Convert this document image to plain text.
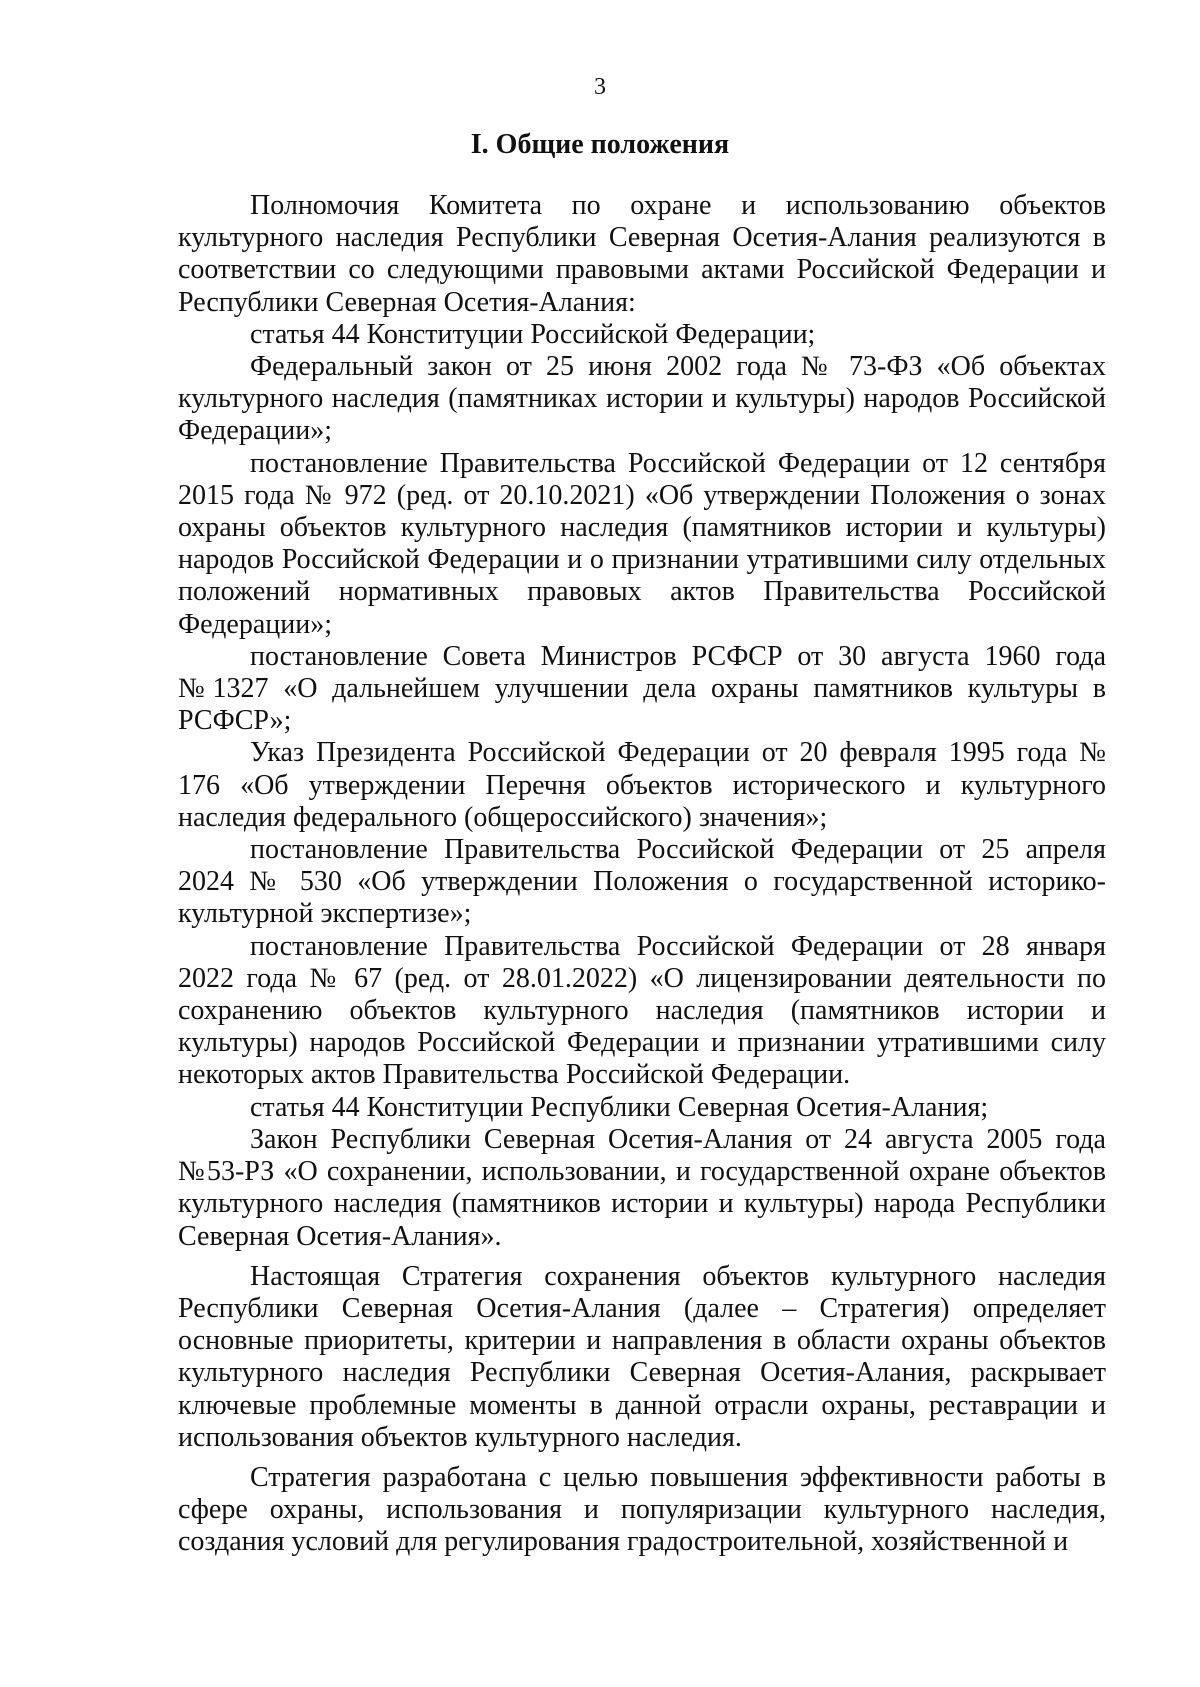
3
I. Общие положения

Полномочия Комитета по охране и использованию объектов культурного наследия Республики Северная Осетия-Алания реализуются в соответствии со следующими правовыми актами Российской Федерации и Республики Северная Осетия-Алания:

статья 44 Конституции Российской Федерации;

Федеральный закон от 25 июня 2002 года № 73-ФЗ «Об объектах культурного наследия (памятниках истории и культуры) народов Российской Федерации»;

постановление Правительства Российской Федерации от 12 сентября 2015 года № 972 (ред. от 20.10.2021) «Об утверждении Положения о зонах охраны объектов культурного наследия (памятников истории и культуры) народов Российской Федерации и о признании утратившими силу отдельных положений нормативных правовых актов Правительства Российской Федерации»;

постановление Совета Министров РСФСР от 30 августа 1960 года №1327 «О дальнейшем улучшении дела охраны памятников культуры в РСФСР»;

Указ Президента Российской Федерации от 20 февраля 1995 года № 176 «Об утверждении Перечня объектов исторического и культурного наследия федерального (общероссийского) значения»;

постановление Правительства Российской Федерации от 25 апреля 2024 № 530 «Об утверждении Положения о государственной историко-культурной экспертизе»;

постановление Правительства Российской Федерации от 28 января 2022 года № 67 (ред. от 28.01.2022) «О лицензировании деятельности по сохранению объектов культурного наследия (памятников истории и культуры) народов Российской Федерации и признании утратившими силу некоторых актов Правительства Российской Федерации.

статья 44 Конституции Республики Северная Осетия-Алания;

Закон Республики Северная Осетия-Алания от 24 августа 2005 года №53-РЗ «О сохранении, использовании, и государственной охране объектов культурного наследия (памятников истории и культуры) народа Республики Северная Осетия-Алания».

Настоящая Стратегия сохранения объектов культурного наследия Республики Северная Осетия-Алания (далее – Стратегия) определяет основные приоритеты, критерии и направления в области охраны объектов культурного наследия Республики Северная Осетия-Алания, раскрывает ключевые проблемные моменты в данной отрасли охраны, реставрации и использования объектов культурного наследия.

Стратегия разработана с целью повышения эффективности работы в сфере охраны, использования и популяризации культурного наследия, создания условий для регулирования градостроительной, хозяйственной и
